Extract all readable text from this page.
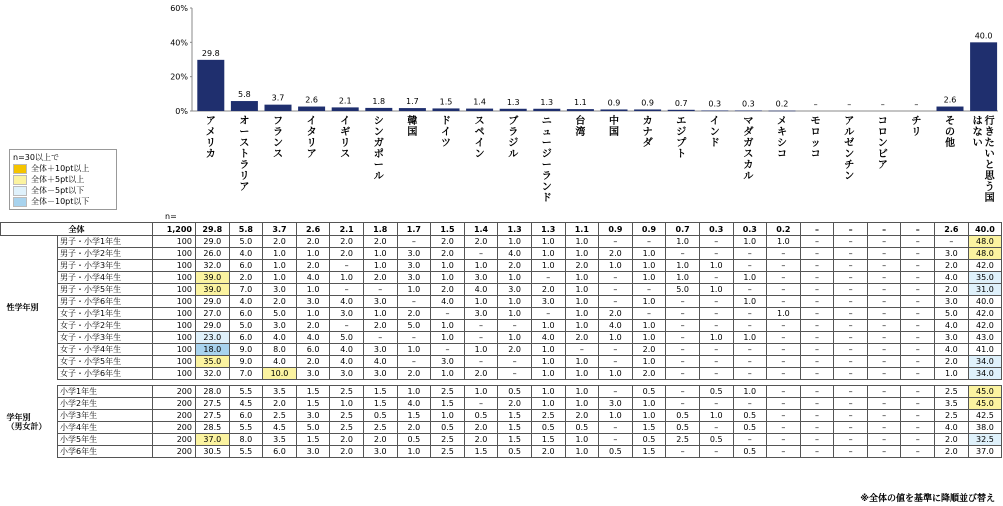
0%
20%
40%
60%
29.8
5.8	3.7	2.6	2.1	1.8	1.7	1.5	1.4	1.3	1.3	1.1	0.9	0.9	0.7	0.3	0.3	0.2	–	–	–	–	2.6
40.0
n=30以上で
全体＋10pt以上
全体＋5pt以上
全体－5pt以下
全体－10pt以下
ア
メ
リ
カ
オ
ー
ス
ト
ラ
リ
ア
フ
ラ
ン
ス
イ
タ
リ
ア
イ
ギ
リ
ス
シ
ン
ガ
ポ
ー
ル
韓
国
ド
イ
ツ
ス
ペ
イ
ン
ブ
ラ
ジ
ル
ニ
ュ
ー
ジ
ー
ラ
ン
ド
台
湾
中
国
カ
ナ
ダ
エ
ジ
プ
ト
イ
ン
ド
マ
ダ
ガ
ス
カ
ル
メ
キ
シ
コ
モ
ロ
ッ
コ
ア
ル
ゼ
ン
チ
ン
コ
ロ
ン
ビ
ア
チ
リ
そ
の
他
行
き
た
い
と
思
う
国
は
な
い
n=
全体		1,200	29.8	5.8	3.7	2.6	2.1	1.8	1.7	1.5	1.4	1.3	1.3	1.1	0.9	0.9	0.7	0.3	0.3	0.2	–	–	–	–	2.6	40.0

性学年別	男子・小学1年生	100	29.0	5.0	2.0	2.0	2.0	2.0	–	2.0	2.0	1.0	1.0	1.0	–	–	1.0	–	1.0	1.0	–	–	–	–	–	48.0
	男子・小学2年生	100	26.0	4.0	1.0	1.0	2.0	1.0	3.0	2.0	–	4.0	1.0	1.0	2.0	1.0	–	–	–	–	–	–	–	–	3.0	48.0
	男子・小学3年生	100	32.0	6.0	1.0	2.0	–	1.0	3.0	1.0	1.0	2.0	1.0	2.0	1.0	1.0	1.0	1.0	–	–	–	–	–	–	2.0	42.0
	男子・小学4年生	100	39.0	2.0	1.0	4.0	1.0	2.0	3.0	1.0	3.0	1.0	–	1.0	–	1.0	1.0	–	1.0	–	–	–	–	–	4.0	35.0
	男子・小学5年生	100	39.0	7.0	3.0	1.0	–	–	1.0	2.0	4.0	3.0	2.0	1.0	–	–	5.0	1.0	–	–	–	–	–	–	2.0	31.0
	男子・小学6年生	100	29.0	4.0	2.0	3.0	4.0	3.0	–	4.0	1.0	1.0	3.0	1.0	–	1.0	–	–	1.0	–	–	–	–	–	3.0	40.0
	女子・小学1年生	100	27.0	6.0	5.0	1.0	3.0	1.0	2.0	–	3.0	1.0	–	1.0	2.0	–	–	–	–	1.0	–	–	–	–	5.0	42.0
	女子・小学2年生	100	29.0	5.0	3.0	2.0	–	2.0	5.0	1.0	–	–	1.0	1.0	4.0	1.0	–	–	–	–	–	–	–	–	4.0	42.0
	女子・小学3年生	100	23.0	6.0	4.0	4.0	5.0	–	–	1.0	–	1.0	4.0	2.0	1.0	1.0	–	1.0	1.0	–	–	–	–	–	3.0	43.0
	女子・小学4年生	100	18.0	9.0	8.0	6.0	4.0	3.0	1.0	–	1.0	2.0	1.0	–	–	2.0	–	–	–	–	–	–	–	–	4.0	41.0
	女子・小学5年生	100	35.0	9.0	4.0	2.0	4.0	4.0	–	3.0	–	–	1.0	1.0	–	1.0	–	–	–	–	–	–	–	–	2.0	34.0
	女子・小学6年生	100	32.0	7.0	10.0	3.0	3.0	3.0	2.0	1.0	2.0	–	1.0	1.0	1.0	2.0	–	–	–	–	–	–	–	–	1.0	34.0

学年別
（男女計）	小学1年生	200	28.0	5.5	3.5	1.5	2.5	1.5	1.0	2.5	1.0	0.5	1.0	1.0	–	0.5	–	0.5	1.0	–	–	–	–	–	2.5	45.0
	小学2年生	200	27.5	4.5	2.0	1.5	1.0	1.5	4.0	1.5	–	2.0	1.0	1.0	3.0	1.0	–	–	–	–	–	–	–	–	3.5	45.0
	小学3年生	200	27.5	6.0	2.5	3.0	2.5	0.5	1.5	1.0	0.5	1.5	2.5	2.0	1.0	1.0	0.5	1.0	0.5	–	–	–	–	–	2.5	42.5
	小学4年生	200	28.5	5.5	4.5	5.0	2.5	2.5	2.0	0.5	2.0	1.5	0.5	0.5	–	1.5	0.5	–	0.5	–	–	–	–	–	4.0	38.0
	小学5年生	200	37.0	8.0	3.5	1.5	2.0	2.0	0.5	2.5	2.0	1.5	1.5	1.0	–	0.5	2.5	0.5	–	–	–	–	–	–	2.0	32.5
	小学6年生	200	30.5	5.5	6.0	3.0	2.0	3.0	1.0	2.5	1.5	0.5	2.0	1.0	0.5	1.5	–	–	0.5	–	–	–	–	–	2.0	37.0
※全体の値を基準に降順並び替え
